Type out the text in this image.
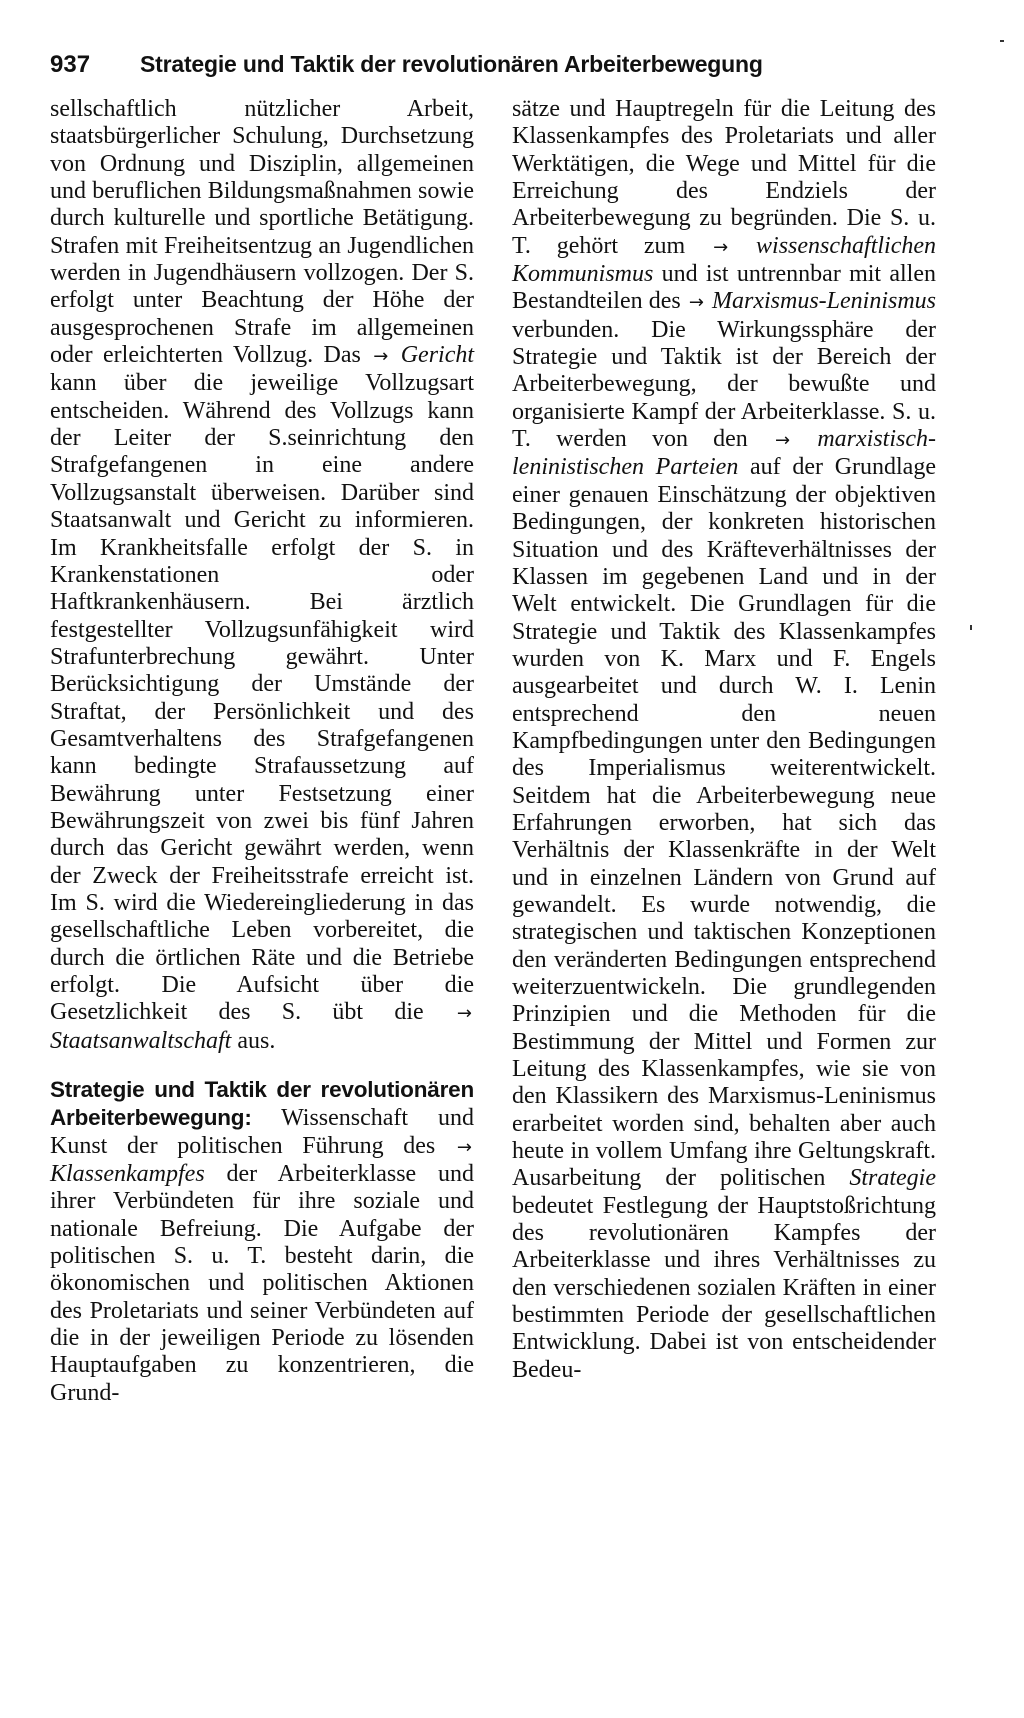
937 Strategie und Taktik der revolutionären Arbeiterbewegung

sellschaftlich nützlicher Arbeit, staatsbürgerlicher Schulung, Durchsetzung von Ordnung und Disziplin, allgemeinen und beruflichen Bildungsmaßnahmen sowie durch kulturelle und sportliche Betätigung. Strafen mit Freiheitsentzug an Jugendlichen werden in Jugendhäusern vollzogen. Der S. erfolgt unter Beachtung der Höhe der ausgesprochenen Strafe im allgemeinen oder erleichterten Vollzug. Das → Gericht kann über die jeweilige Vollzugsart entscheiden. Während des Vollzugs kann der Leiter der S.seinrichtung den Strafgefangenen in eine andere Vollzugsanstalt überweisen. Darüber sind Staatsanwalt und Gericht zu informieren. Im Krankheitsfalle erfolgt der S. in Krankenstationen oder Haftkrankenhäusern. Bei ärztlich festgestellter Vollzugsunfähigkeit wird Strafunterbrechung gewährt. Unter Berücksichtigung der Umstände der Straftat, der Persönlichkeit und des Gesamtverhaltens des Strafgefangenen kann bedingte Strafaussetzung auf Bewährung unter Festsetzung einer Bewährungszeit von zwei bis fünf Jahren durch das Gericht gewährt werden, wenn der Zweck der Freiheitsstrafe erreicht ist. Im S. wird die Wiedereingliederung in das gesellschaftliche Leben vorbereitet, die durch die örtlichen Räte und die Betriebe erfolgt. Die Aufsicht über die Gesetzlichkeit des S. übt die → Staatsanwaltschaft aus.

Strategie und Taktik der revolutionären Arbeiterbewegung: Wissenschaft und Kunst der politischen Führung des → Klassenkampfes der Arbeiterklasse und ihrer Verbündeten für ihre soziale und nationale Befreiung. Die Aufgabe der politischen S. u. T. besteht darin, die ökonomischen und politischen Aktionen des Proletariats und seiner Verbündeten auf die in der jeweiligen Periode zu lösenden Hauptaufgaben zu konzentrieren, die Grund-

sätze und Hauptregeln für die Leitung des Klassenkampfes des Proletariats und aller Werktätigen, die Wege und Mittel für die Erreichung des Endziels der Arbeiterbewegung zu begründen. Die S. u. T. gehört zum → wissenschaftlichen Kommunismus und ist untrennbar mit allen Bestandteilen des → Marxismus-Leninismus verbunden. Die Wirkungssphäre der Strategie und Taktik ist der Bereich der Arbeiterbewegung, der bewußte und organisierte Kampf der Arbeiterklasse. S. u. T. werden von den → marxistisch-leninistischen Parteien auf der Grundlage einer genauen Einschätzung der objektiven Bedingungen, der konkreten historischen Situation und des Kräfteverhältnisses der Klassen im gegebenen Land und in der Welt entwickelt. Die Grundlagen für die Strategie und Taktik des Klassenkampfes wurden von K. Marx und F. Engels ausgearbeitet und durch W. I. Lenin entsprechend den neuen Kampfbedingungen unter den Bedingungen des Imperialismus weiterentwickelt. Seitdem hat die Arbeiterbewegung neue Erfahrungen erworben, hat sich das Verhältnis der Klassenkräfte in der Welt und in einzelnen Ländern von Grund auf gewandelt. Es wurde notwendig, die strategischen und taktischen Konzeptionen den veränderten Bedingungen entsprechend weiterzuentwickeln. Die grundlegenden Prinzipien und die Methoden für die Bestimmung der Mittel und Formen zur Leitung des Klassenkampfes, wie sie von den Klassikern des Marxismus-Leninismus erarbeitet worden sind, behalten aber auch heute in vollem Umfang ihre Geltungskraft. Ausarbeitung der politischen Strategie bedeutet Festlegung der Hauptstoßrichtung des revolutionären Kampfes der Arbeiterklasse und ihres Verhältnisses zu den verschiedenen sozialen Kräften in einer bestimmten Periode der gesellschaftlichen Entwicklung. Dabei ist von entscheidender Bedeu-
